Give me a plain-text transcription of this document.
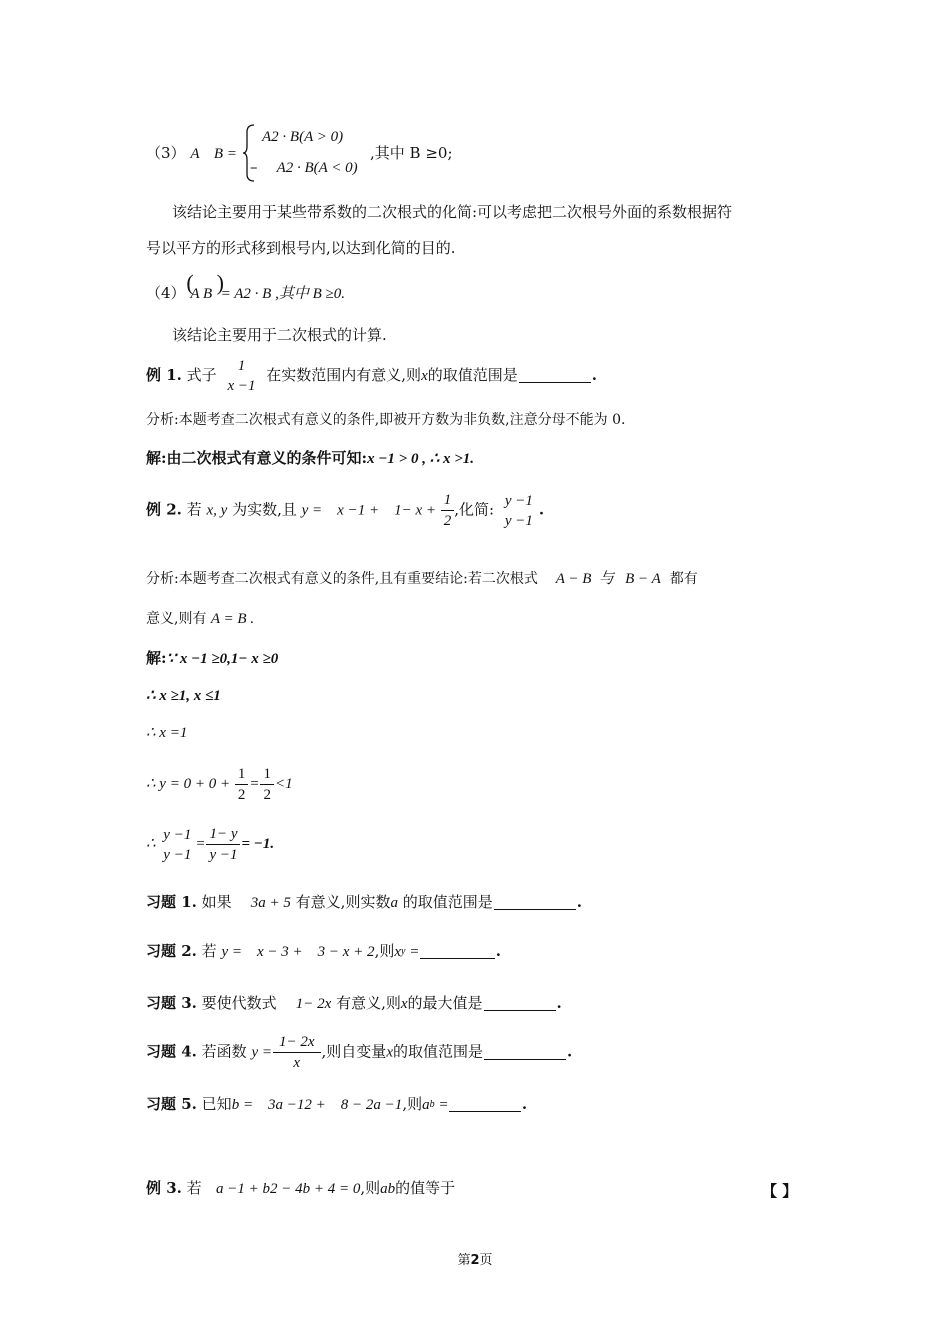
（3） A B =
A2 · B(A > 0)
– A2 · B(A < 0)
,其中 B ≥0;
该结论主要用于某些带系数的二次根式的化简:可以考虑把二次根号外面的系数根据符
号以平方的形式移到根号内,以达到化简的目的.
（4） (
A B )
= A2 · B ,其中 B ≥0.
该结论主要用于二次根式的计算.
例 1. 式子	1
x −1
在实数范围内有意义,则x的取值范围是	.
分析:本题考查二次根式有意义的条件,即被开方数为非负数,注意分母不能为 0.
解:由二次根式有意义的条件可知:x −1 > 0 , ∴ x >1.
例 2. 若 x, y 为实数,且 y =    x −1 +    $1- x + \frac{1}{2}$ ,化简: y −1
y −1
.
分析:本题考查二次根式有意义的条件,且有重要结论:若二次根式 A − B  与   B − A 都有
意义,则有 A = B .
解:∵ x −1 ≥0,1− x ≥0
∴ x ≥1, x ≤1
∴ x =1
∴ $y = 0 + 0 + \frac{1}{2} = \frac{1}{2} <1$
∴
y −1
y −1
= $\frac{1- y}{y -1} = -1$.
习题 1. 如果 3a + 5 有意义,则实数a 的取值范围是	.
习题 2. 若 y =    x − 3 +    3 − x + 2,则$x^y$ =	.
习题 3. 要使代数式 1− 2x 有意义,则x的最大值是	.
习题 4. 若函数 $y = \frac{1- 2x}{x}$ ,则自变量x的取值范围是	.
习题 5. 已知b =    3a −12 +    8 − 2a −1,则$a^b$ =	.
例 3. 若 a −1 + b2 − 4b + 4 = 0,则ab的值等于	【 】
第2页
